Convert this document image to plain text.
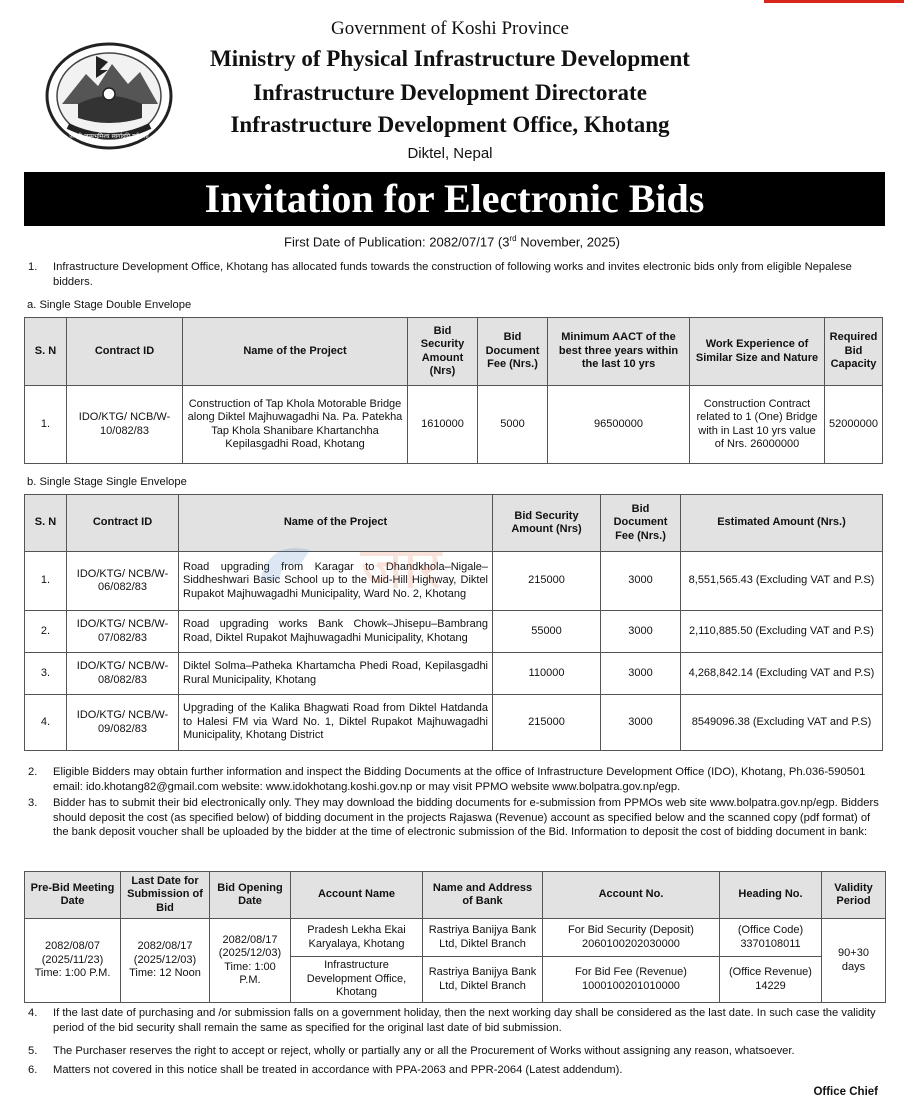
जननी जन्मभूमिश्च स्वर्गादपि गरीयसी
Government of Koshi Province
Ministry of Physical Infrastructure Development
Infrastructure Development Directorate
Infrastructure Development Office, Khotang
Diktel, Nepal
Invitation for Electronic Bids
First Date of Publication: 2082/07/17 (3rd November, 2025)
1. Infrastructure Development Office, Khotang has allocated funds towards the construction of following works and invites electronic bids only from eligible Nepalese bidders.
a. Single Stage Double Envelope
S. N	Contract ID	Name of the Project	Bid Security Amount (Nrs)	Bid Document Fee (Nrs.)	Minimum AACT of the best three years within the last 10 yrs	Work Experience of Similar Size and Nature	Required Bid Capacity
1.	IDO/KTG/ NCB/W-10/082/83	Construction of Tap Khola Motorable Bridge along Diktel Majhuwagadhi Na. Pa. Patekha Tap Khola Shanibare Khartanchha Kepilasgadhi Road, Khotang	1610000	5000	96500000	Construction Contract related to 1 (One) Bridge with in Last 10 yrs value of Nrs. 26000000	52000000
b. Single Stage Single Envelope
S. N	Contract ID	Name of the Project	Bid Security Amount (Nrs)	Bid Document Fee (Nrs.)	Estimated Amount (Nrs.)
1.	IDO/KTG/ NCB/W-06/082/83	Road upgrading from Karagar to Dhandkhola–Nigale–Siddheshwari Basic School up to the Mid-Hill Highway, Diktel Rupakot Majhuwagadhi Municipality, Ward No. 2, Khotang	215000	3000	8,551,565.43 (Excluding VAT and P.S)
2.	IDO/KTG/ NCB/W-07/082/83	Road upgrading works Bank Chowk–Jhisepu–Bambrang Road, Diktel Rupakot Majhuwagadhi Municipality, Khotang	55000	3000	2,110,885.50 (Excluding VAT and P.S)
3.	IDO/KTG/ NCB/W-08/082/83	Diktel Solma–Patheka Khartamcha Phedi Road, Kepilasgadhi Rural Municipality, Khotang	110000	3000	4,268,842.14 (Excluding VAT and P.S)
4.	IDO/KTG/ NCB/W-09/082/83	Upgrading of the Kalika Bhagwati Road from Diktel Hatdanda to Halesi FM via Ward No. 1, Diktel Rupakot Majhuwagadhi Municipality, Khotang District	215000	3000	8549096.38 (Excluding VAT and P.S)
जार
2. Eligible Bidders may obtain further information and inspect the Bidding Documents at the office of Infrastructure Development Office (IDO), Khotang, Ph.036-590501 email: ido.khotang82@gmail.com website: www.idokhotang.koshi.gov.np or may visit PPMO website www.bolpatra.gov.np/egp.
3. Bidder has to submit their bid electronically only. They may download the bidding documents for e-submission from PPMOs web site www.bolpatra.gov.np/egp. Bidders should deposit the cost (as specified below) of bidding document in the projects Rajaswa (Revenue) account as specified below and the scanned copy (pdf format) of the bank deposit voucher shall be uploaded by the bidder at the time of electronic submission of the Bid. Information to deposit the cost of bidding document in bank:
Pre-Bid Meeting Date	Last Date for Submission of Bid	Bid Opening Date	Account Name	Name and Address of Bank	Account No.	Heading No.	Validity Period
2082/08/07 (2025/11/23) Time: 1:00 P.M.	2082/08/17 (2025/12/03) Time: 12 Noon	2082/08/17 (2025/12/03) Time: 1:00 P.M.	Pradesh Lekha Ekai Karyalaya, Khotang	Rastriya Banijya Bank Ltd, Diktel Branch	For Bid Security (Deposit) 2060100202030000	(Office Code) 3370108011	90+30 days
			Infrastructure Development Office, Khotang	Rastriya Banijya Bank Ltd, Diktel Branch	For Bid Fee (Revenue) 1000100201010000	(Office Revenue) 14229	
4. If the last date of purchasing and /or submission falls on a government holiday, then the next working day shall be considered as the last date. In such case the validity period of the bid security shall remain the same as specified for the original last date of bid submission.
5. The Purchaser reserves the right to accept or reject, wholly or partially any or all the Procurement of Works without assigning any reason, whatsoever.
6. Matters not covered in this notice shall be treated in accordance with PPA-2063 and PPR-2064 (Latest addendum).
Office Chief
